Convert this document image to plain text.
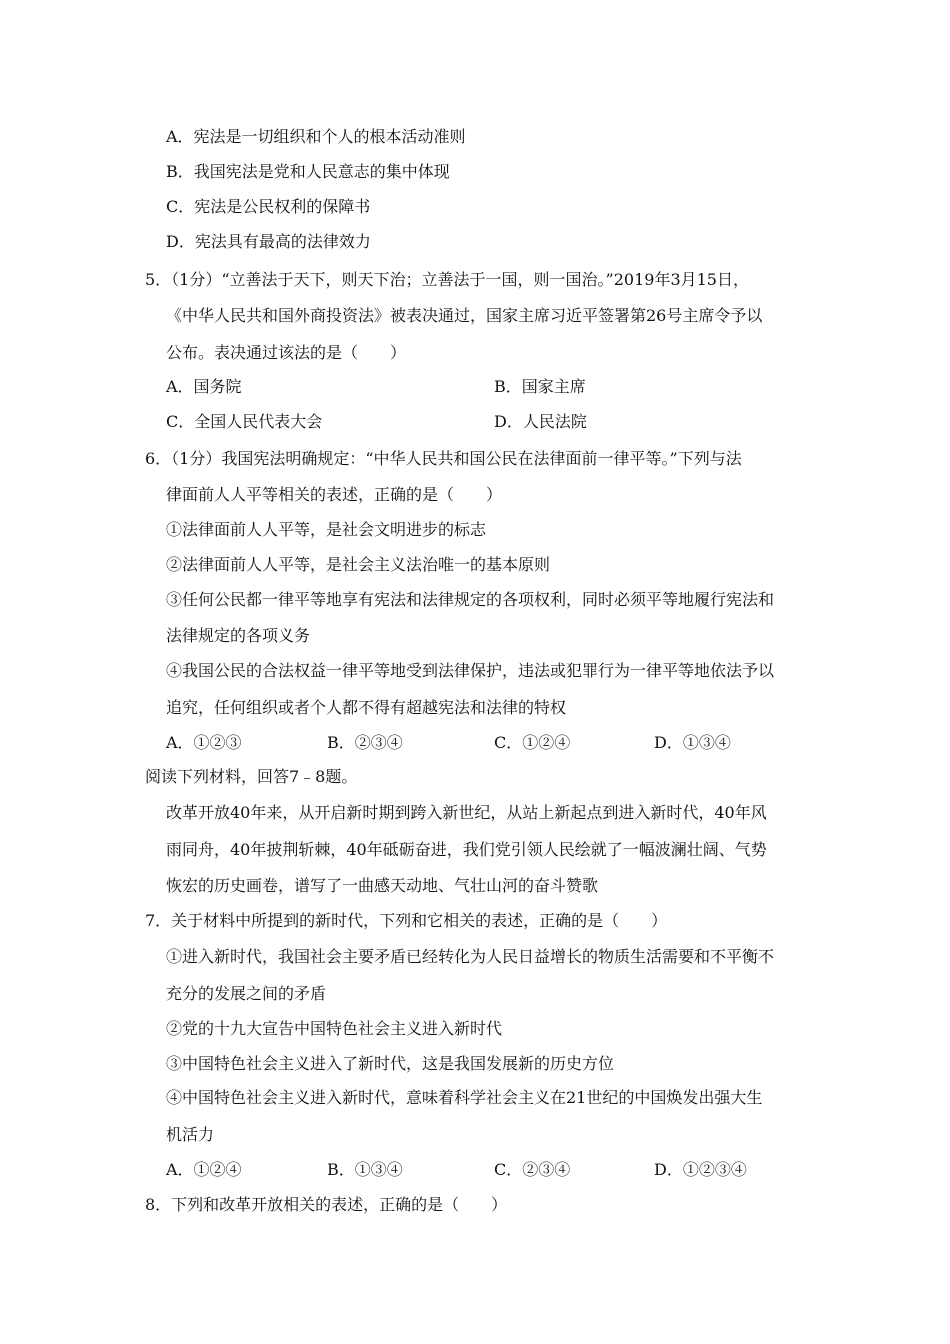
A．宪法是一切组织和个人的根本活动准则
B．我国宪法是党和人民意志的集中体现
C．宪法是公民权利的保障书
D．宪法具有最高的法律效力
5．（1分）“立善法于天下，则天下治；立善法于一国，则一国治。”2019年3月15日，
《中华人民共和国外商投资法》被表决通过，国家主席习近平签署第26号主席令予以
公布。表决通过该法的是（　　）
A．国务院	B．国家主席
C．全国人民代表大会	D．人民法院
6．（1分）我国宪法明确规定：“中华人民共和国公民在法律面前一律平等。”下列与法
律面前人人平等相关的表述，正确的是（　　）
①法律面前人人平等，是社会文明进步的标志
②法律面前人人平等，是社会主义法治唯一的基本原则
③任何公民都一律平等地享有宪法和法律规定的各项权利，同时必须平等地履行宪法和
法律规定的各项义务
④我国公民的合法权益一律平等地受到法律保护，违法或犯罪行为一律平等地依法予以
追究，任何组织或者个人都不得有超越宪法和法律的特权
A．①②③	B．②③④	C．①②④	D．①③④
阅读下列材料，回答7﹣8题。
改革开放40年来，从开启新时期到跨入新世纪，从站上新起点到进入新时代，40年风
雨同舟，40年披荆斩棘，40年砥砺奋进，我们党引领人民绘就了一幅波澜壮阔、气势
恢宏的历史画卷，谱写了一曲感天动地、气壮山河的奋斗赞歌
7．关于材料中所提到的新时代，下列和它相关的表述，正确的是（　　）
①进入新时代，我国社会主要矛盾已经转化为人民日益增长的物质生活需要和不平衡不
充分的发展之间的矛盾
②党的十九大宣告中国特色社会主义进入新时代
③中国特色社会主义进入了新时代，这是我国发展新的历史方位
④中国特色社会主义进入新时代，意味着科学社会主义在21世纪的中国焕发出强大生
机活力
A．①②④	B．①③④	C．②③④	D．①②③④
8．下列和改革开放相关的表述，正确的是（　　）
